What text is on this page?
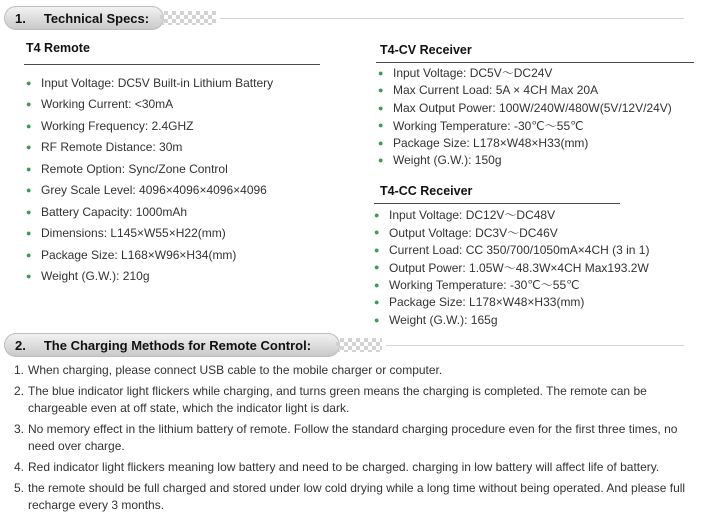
1. Technical Specs:
T4 Remote
● Input Voltage: DC5V Built-in Lithium Battery
● Working Current: <30mA
● Working Frequency: 2.4GHZ
● RF Remote Distance: 30m
● Remote Option: Sync/Zone Control
● Grey Scale Level: 4096×4096×4096×4096
● Battery Capacity: 1000mAh
● Dimensions: L145×W55×H22(mm)
● Package Size: L168×W96×H34(mm)
● Weight (G.W.): 210g
T4-CV Receiver
● Input Voltage: DC5V～DC24V
● Max Current Load: 5A × 4CH Max 20A
● Max Output Power: 100W/240W/480W(5V/12V/24V)
● Working Temperature: -30℃～55℃
● Package Size: L178×W48×H33(mm)
● Weight (G.W.): 150g
T4-CC Receiver
● Input Voltage: DC12V～DC48V
● Output Voltage: DC3V～DC46V
● Current Load: CC 350/700/1050mA×4CH (3 in 1)
● Output Power: 1.05W～48.3W×4CH Max193.2W
● Working Temperature: -30℃～55℃
● Package Size: L178×W48×H33(mm)
● Weight (G.W.): 165g
2. The Charging Methods for Remote Control:
1. When charging, please connect USB cable to the mobile charger or computer.
2. The blue indicator light flickers while charging, and turns green means the charging is completed. The remote can be chargeable even at off state, which the indicator light is dark.
3. No memory effect in the lithium battery of remote. Follow the standard charging procedure even for the first three times, no need over charge.
4. Red indicator light flickers meaning low battery and need to be charged. charging in low battery will affect life of battery.
5. the remote should be full charged and stored under low cold drying while a long time without being operated. And please full recharge every 3 months.
